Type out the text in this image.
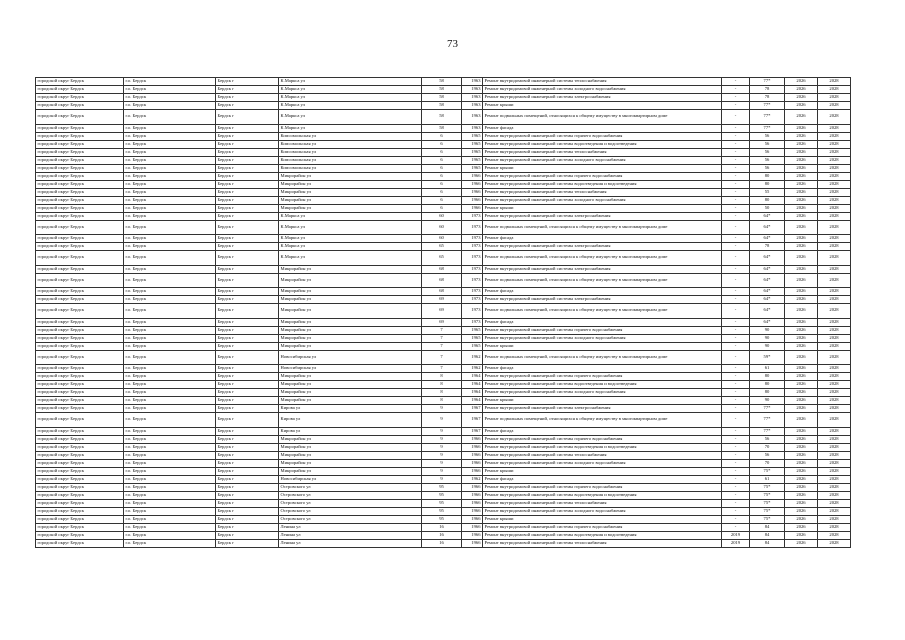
73
городской округ Бердск	г.о. Бердск	Бердск г	К.Маркса ул	58	1963	Ремонт внутридомовой инженерной системы теплоснабжения	-	77*	2026	2028
городской округ Бердск	г.о. Бердск	Бердск г	К.Маркса ул	58	1963	Ремонт внутридомовой инженерной системы холодного водоснабжения	-	78	2026	2028
городской округ Бердск	г.о. Бердск	Бердск г	К.Маркса ул	58	1963	Ремонт внутридомовой инженерной системы электроснабжения	-	78	2026	2028
городской округ Бердск	г.о. Бердск	Бердск г	К.Маркса ул	58	1963	Ремонт крыши	-	77*	2026	2028
городской округ Бердск	г.о. Бердск	Бердск г	К.Маркса ул	58	1963	Ремонт подвальных помещений, относящихся к общему имуществу в многоквартирном доме	-	77*	2026	2028
городской округ Бердск	г.о. Бердск	Бердск г	К.Маркса ул	58	1963	Ремонт фасада	-	77*	2026	2028
городской округ Бердск	г.о. Бердск	Бердск г	Комсомольская ул	6	1965	Ремонт внутридомовой инженерной системы горячего водоснабжения	-	56	2026	2028
городской округ Бердск	г.о. Бердск	Бердск г	Комсомольская ул	6	1965	Ремонт внутридомовой инженерной системы водоотведения и водоотведения	-	56	2026	2028
городской округ Бердск	г.о. Бердск	Бердск г	Комсомольская ул	6	1965	Ремонт внутридомовой инженерной системы теплоснабжения	-	56	2026	2028
городской округ Бердск	г.о. Бердск	Бердск г	Комсомольская ул	6	1965	Ремонт внутридомовой инженерной системы холодного водоснабжения	-	56	2026	2028
городской округ Бердск	г.о. Бердск	Бердск г	Комсомольская ул	6	1965	Ремонт крыши	-	56	2026	2028
городской округ Бердск	г.о. Бердск	Бердск г	Микрорайон ул	6	1966	Ремонт внутридомовой инженерной системы горячего водоснабжения	-	80	2026	2028
городской округ Бердск	г.о. Бердск	Бердск г	Микрорайон ул	6	1966	Ремонт внутридомовой инженерной системы водоотведения и водоотведения	-	80	2026	2028
городской округ Бердск	г.о. Бердск	Бердск г	Микрорайон ул	6	1966	Ремонт внутридомовой инженерной системы теплоснабжения	-	55	2026	2028
городской округ Бердск	г.о. Бердск	Бердск г	Микрорайон ул	6	1966	Ремонт внутридомовой инженерной системы холодного водоснабжения	-	80	2026	2028
городской округ Бердск	г.о. Бердск	Бердск г	Микрорайон ул	6	1966	Ремонт крыши	-	50	2026	2028
городской округ Бердск	г.о. Бердск	Бердск г	К.Маркса ул	60	1973	Ремонт внутридомовой инженерной системы электроснабжения	-	64*	2026	2028
городской округ Бердск	г.о. Бердск	Бердск г	К.Маркса ул	60	1973	Ремонт подвальных помещений, относящихся к общему имуществу в многоквартирном доме	-	64*	2026	2028
городской округ Бердск	г.о. Бердск	Бердск г	К.Маркса ул	60	1973	Ремонт фасада	-	64*	2026	2028
городской округ Бердск	г.о. Бердск	Бердск г	К.Маркса ул	65	1973	Ремонт внутридомовой инженерной системы электроснабжения	-	78	2026	2028
городской округ Бердск	г.о. Бердск	Бердск г	К.Маркса ул	65	1973	Ремонт подвальных помещений, относящихся к общему имуществу в многоквартирном доме	-	64*	2026	2028
городской округ Бердск	г.о. Бердск	Бердск г	Микрорайон ул	68	1973	Ремонт внутридомовой инженерной системы электроснабжения	-	64*	2026	2028
городской округ Бердск	г.о. Бердск	Бердск г	Микрорайон ул	68	1973	Ремонт подвальных помещений, относящихся к общему имуществу в многоквартирном доме	-	64*	2026	2028
городской округ Бердск	г.о. Бердск	Бердск г	Микрорайон ул	68	1973	Ремонт фасада	-	64*	2026	2028
городской округ Бердск	г.о. Бердск	Бердск г	Микрорайон ул	69	1973	Ремонт внутридомовой инженерной системы электроснабжения	-	64*	2026	2028
городской округ Бердск	г.о. Бердск	Бердск г	Микрорайон ул	69	1973	Ремонт подвальных помещений, относящихся к общему имуществу в многоквартирном доме	-	64*	2026	2028
городской округ Бердск	г.о. Бердск	Бердск г	Микрорайон ул	69	1973	Ремонт фасада	-	64*	2026	2028
городской округ Бердск	г.о. Бердск	Бердск г	Микрорайон ул	7	1965	Ремонт внутридомовой инженерной системы горячего водоснабжения	-	90	2026	2028
городской округ Бердск	г.о. Бердск	Бердск г	Микрорайон ул	7	1965	Ремонт внутридомовой инженерной системы холодного водоснабжения	-	90	2026	2028
городской округ Бердск	г.о. Бердск	Бердск г	Микрорайон ул	7	1965	Ремонт крыши	-	90	2026	2028
городской округ Бердск	г.о. Бердск	Бердск г	Новосибирская ул	7	1962	Ремонт подвальных помещений, относящихся к общему имуществу в многоквартирном доме	-	59*	2026	2028
городской округ Бердск	г.о. Бердск	Бердск г	Новосибирская ул	7	1962	Ремонт фасада	-	61	2026	2028
городской округ Бердск	г.о. Бердск	Бердск г	Микрорайон ул	8	1964	Ремонт внутридомовой инженерной системы горячего водоснабжения	-	80	2026	2028
городской округ Бердск	г.о. Бердск	Бердск г	Микрорайон ул	8	1964	Ремонт внутридомовой инженерной системы водоотведения и водоотведения	-	80	2026	2028
городской округ Бердск	г.о. Бердск	Бердск г	Микрорайон ул	8	1964	Ремонт внутридомовой инженерной системы холодного водоснабжения	-	80	2026	2028
городской округ Бердск	г.о. Бердск	Бердск г	Микрорайон ул	8	1964	Ремонт крыши	-	90	2026	2028
городской округ Бердск	г.о. Бердск	Бердск г	Кирова ул	9	1967	Ремонт внутридомовой инженерной системы электроснабжения	-	77*	2026	2028
городской округ Бердск	г.о. Бердск	Бердск г	Кирова ул	9	1967	Ремонт подвальных помещений, относящихся к общему имуществу в многоквартирном доме	-	77*	2026	2028
городской округ Бердск	г.о. Бердск	Бердск г	Кирова ул	9	1967	Ремонт фасада	-	77*	2026	2028
городской округ Бердск	г.о. Бердск	Бердск г	Микрорайон ул	9	1966	Ремонт внутридомовой инженерной системы горячего водоснабжения	-	56	2026	2028
городской округ Бердск	г.о. Бердск	Бердск г	Микрорайон ул	9	1966	Ремонт внутридомовой инженерной системы водоотведения и водоотведения	-	70	2026	2028
городской округ Бердск	г.о. Бердск	Бердск г	Микрорайон ул	9	1966	Ремонт внутридомовой инженерной системы теплоснабжения	-	56	2026	2028
городской округ Бердск	г.о. Бердск	Бердск г	Микрорайон ул	9	1966	Ремонт внутридомовой инженерной системы холодного водоснабжения	-	70	2026	2028
городской округ Бердск	г.о. Бердск	Бердск г	Микрорайон ул	9	1966	Ремонт крыши	-	75*	2026	2028
городской округ Бердск	г.о. Бердск	Бердск г	Новосибирская ул	9	1962	Ремонт фасада	-	61	2026	2028
городской округ Бердск	г.о. Бердск	Бердск г	Островского ул	95	1966	Ремонт внутридомовой инженерной системы горячего водоснабжения	-	75*	2026	2028
городской округ Бердск	г.о. Бердск	Бердск г	Островского ул	95	1966	Ремонт внутридомовой инженерной системы водоотведения и водоотведения	-	75*	2026	2028
городской округ Бердск	г.о. Бердск	Бердск г	Островского ул	95	1966	Ремонт внутридомовой инженерной системы теплоснабжения	-	75*	2026	2028
городской округ Бердск	г.о. Бердск	Бердск г	Островского ул	95	1966	Ремонт внутридомовой инженерной системы холодного водоснабжения	-	75*	2026	2028
городской округ Бердск	г.о. Бердск	Бердск г	Островского ул	95	1966	Ремонт крыши	-	75*	2026	2028
городской округ Бердск	г.о. Бердск	Бердск г	Ленина ул	16	1966	Ремонт внутридомовой инженерной системы горячего водоснабжения	-	84	2026	2028
городской округ Бердск	г.о. Бердск	Бердск г	Ленина ул	16	1966	Ремонт внутридомовой инженерной системы водоотведения и водоотведения	2019	84	2026	2028
городской округ Бердск	г.о. Бердск	Бердск г	Ленина ул	16	1966	Ремонт внутридомовой инженерной системы теплоснабжения	2019	84	2026	2028
